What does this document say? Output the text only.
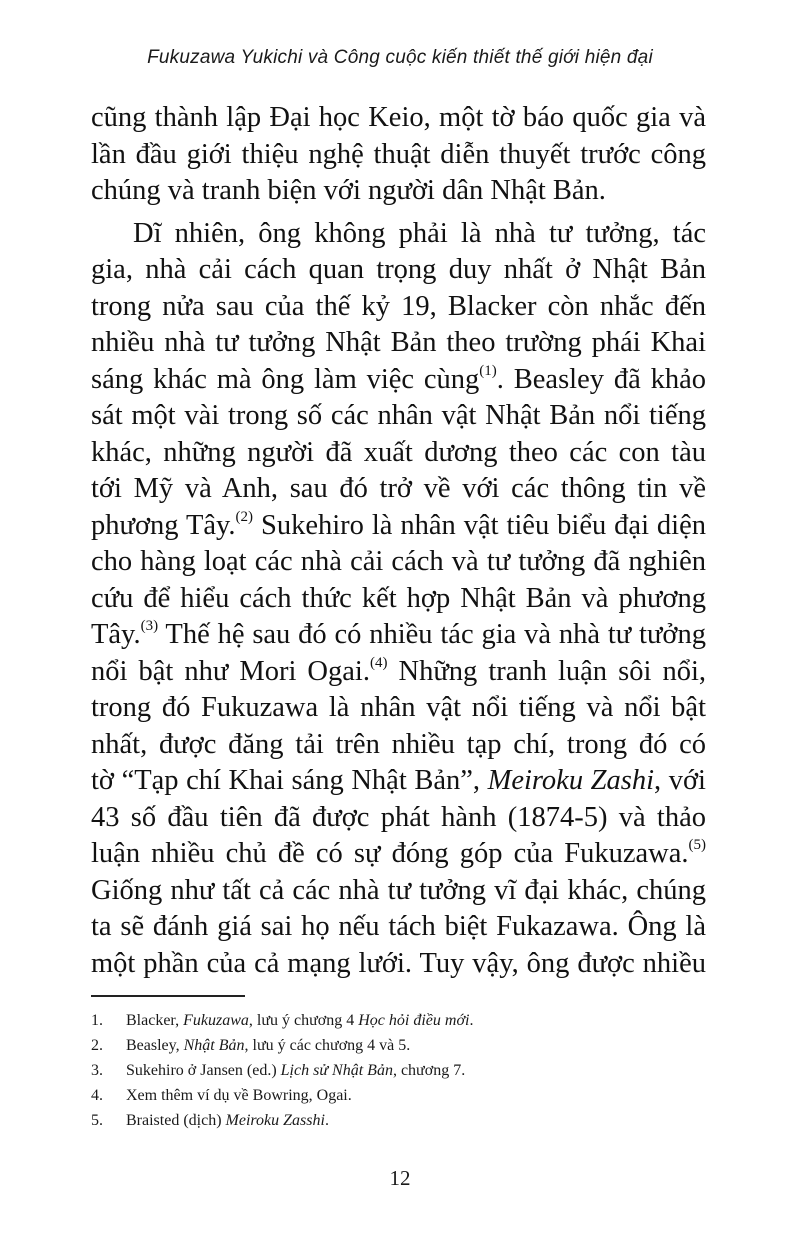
Fukuzawa Yukichi và Công cuộc kiến thiết thế giới hiện đại
cũng thành lập Đại học Keio, một tờ báo quốc gia và
lần đầu giới thiệu nghệ thuật diễn thuyết trước công
chúng và tranh biện với người dân Nhật Bản.
Dĩ nhiên, ông không phải là nhà tư tưởng, tác
gia, nhà cải cách quan trọng duy nhất ở Nhật Bản
trong nửa sau của thế kỷ 19, Blacker còn nhắc đến
nhiều nhà tư tưởng Nhật Bản theo trường phái Khai
sáng khác mà ông làm việc cùng$^{(1)}$. Beasley đã khảo
sát một vài trong số các nhân vật Nhật Bản nổi tiếng
khác, những người đã xuất dương theo các con tàu
tới Mỹ và Anh, sau đó trở về với các thông tin về
phương Tây.$^{(2)}$ Sukehiro là nhân vật tiêu biểu đại diện
cho hàng loạt các nhà cải cách và tư tưởng đã nghiên
cứu để hiểu cách thức kết hợp Nhật Bản và phương
Tây.$^{(3)}$ Thế hệ sau đó có nhiều tác gia và nhà tư tưởng
nổi bật như Mori Ogai.$^{(4)}$ Những tranh luận sôi nổi,
trong đó Fukuzawa là nhân vật nổi tiếng và nổi bật
nhất, được đăng tải trên nhiều tạp chí, trong đó có
tờ “Tạp chí Khai sáng Nhật Bản”, Meiroku Zashi, với
43 số đầu tiên đã được phát hành (1874-5) và thảo
luận nhiều chủ đề có sự đóng góp của Fukuzawa.$^{(5)}$
Giống như tất cả các nhà tư tưởng vĩ đại khác, chúng
ta sẽ đánh giá sai họ nếu tách biệt Fukazawa. Ông là
một phần của cả mạng lưới. Tuy vậy, ông được nhiều
1.	Blacker, Fukuzawa, lưu ý chương 4 Học hỏi điều mới.
2.	Beasley, Nhật Bản, lưu ý các chương 4 và 5.
3.	Sukehiro ở Jansen (ed.) Lịch sử Nhật Bản, chương 7.
4.	Xem thêm ví dụ về Bowring, Ogai.
5.	Braisted (dịch) Meiroku Zasshi.
12
